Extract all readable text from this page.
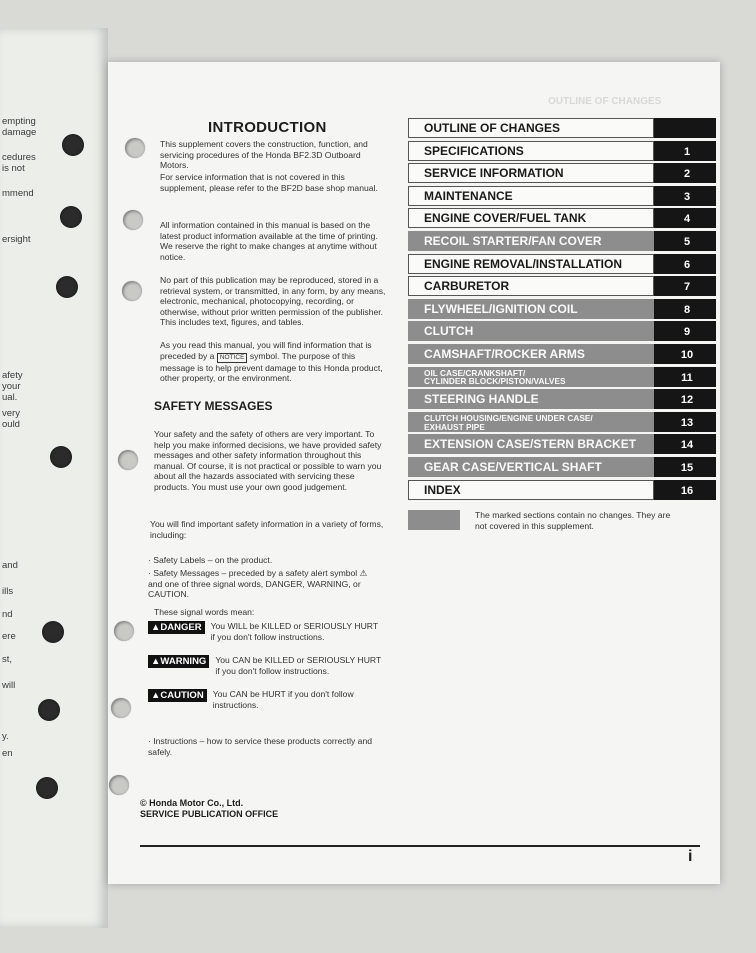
empting
damage
cedures
is not
mmend
ersight
afety
your
ual.
very
ould
and
ills
nd
ere
st,
will
y.
en
OUTLINE OF CHANGES
INTRODUCTION
This supplement covers the construction, function, and servicing procedures of the Honda BF2.3D Outboard Motors.
For service information that is not covered in this supplement, please refer to the BF2D base shop manual.
All information contained in this manual is based on the latest product information available at the time of printing. We reserve the right to make changes at anytime without notice.
No part of this publication may be reproduced, stored in a retrieval system, or transmitted, in any form, by any means, electronic, mechanical, photocopying, recording, or otherwise, without prior written permission of the publisher. This includes text, figures, and tables.
As you read this manual, you will find information that is preceded by a NOTICE symbol. The purpose of this message is to help prevent damage to this Honda product, other property, or the environment.
SAFETY MESSAGES
Your safety and the safety of others are very important. To help you make informed decisions, we have provided safety messages and other safety information throughout this manual. Of course, it is not practical or possible to warn you about all the hazards associated with servicing these products. You must use your own good judgement.
You will find important safety information in a variety of forms, including:
· Safety Labels – on the product.
· Safety Messages – preceded by a safety alert symbol ⚠ and one of three signal words, DANGER, WARNING, or CAUTION.
These signal words mean:
▲DANGER	You WILL be KILLED or SERIOUSLY HURT if you don't follow instructions.
▲WARNING	You CAN be KILLED or SERIOUSLY HURT if you don't follow instructions.
▲CAUTION	You CAN be HURT if you don't follow instructions.
· Instructions – how to service these products correctly and safely.
© Honda Motor Co., Ltd.
SERVICE PUBLICATION OFFICE
i
OUTLINE OF CHANGES
SPECIFICATIONS	1
SERVICE INFORMATION	2
MAINTENANCE	3
ENGINE COVER/FUEL TANK	4
RECOIL STARTER/FAN COVER	5
ENGINE REMOVAL/INSTALLATION	6
CARBURETOR	7
FLYWHEEL/IGNITION COIL	8
CLUTCH	9
CAMSHAFT/ROCKER ARMS	10
OIL CASE/CRANKSHAFT/
CYLINDER BLOCK/PISTON/VALVES	11
STEERING HANDLE	12
CLUTCH HOUSING/ENGINE UNDER CASE/
EXHAUST PIPE	13
EXTENSION CASE/STERN BRACKET	14
GEAR CASE/VERTICAL SHAFT	15
INDEX	16
The marked sections contain no changes. They are not covered in this supplement.
